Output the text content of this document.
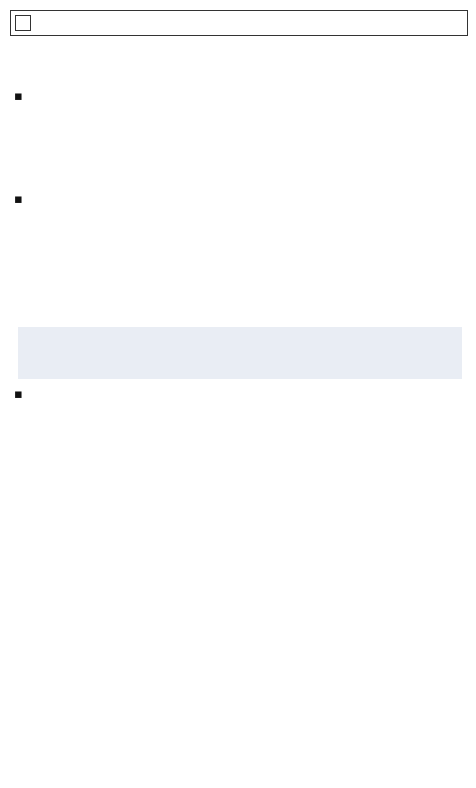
▪
▪
▪
